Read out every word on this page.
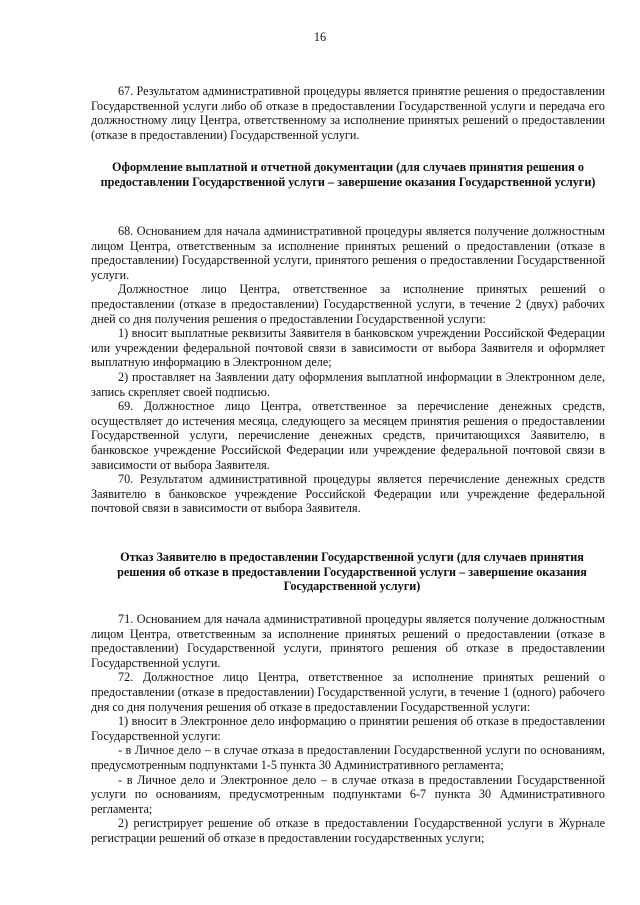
16

67. Результатом административной процедуры является принятие решения о предоставлении Государственной услуги либо об отказе в предоставлении Государственной услуги и передача его должностному лицу Центра, ответственному за исполнение принятых решений о предоставлении (отказе в предоставлении) Государственной услуги.

Оформление выплатной и отчетной документации (для случаев принятия решения о предоставлении Государственной услуги – завершение оказания Государственной услуги)

68. Основанием для начала административной процедуры является получение должностным лицом Центра, ответственным за исполнение принятых решений о предоставлении (отказе в предоставлении) Государственной услуги, принятого решения о предоставлении Государственной услуги.

Должностное лицо Центра, ответственное за исполнение принятых решений о предоставлении (отказе в предоставлении) Государственной услуги, в течение 2 (двух) рабочих дней со дня получения решения о предоставлении Государственной услуги:

1) вносит выплатные реквизиты Заявителя в банковском учреждении Российской Федерации или учреждении федеральной почтовой связи в зависимости от выбора Заявителя и оформляет выплатную информацию в Электронном деле;

2) проставляет на Заявлении дату оформления выплатной информации в Электронном деле, запись скрепляет своей подписью.

69. Должностное лицо Центра, ответственное за перечисление денежных средств, осуществляет до истечения месяца, следующего за месяцем принятия решения о предоставлении Государственной услуги, перечисление денежных средств, причитающихся Заявителю, в банковское учреждение Российской Федерации или учреждение федеральной почтовой связи в зависимости от выбора Заявителя.

70. Результатом административной процедуры является перечисление денежных средств Заявителю в банковское учреждение Российской Федерации или учреждение федеральной почтовой связи в зависимости от выбора Заявителя.

Отказ Заявителю в предоставлении Государственной услуги (для случаев принятия решения об отказе в предоставлении Государственной услуги – завершение оказания Государственной услуги)

71. Основанием для начала административной процедуры является получение должностным лицом Центра, ответственным за исполнение принятых решений о предоставлении (отказе в предоставлении) Государственной услуги, принятого решения об отказе в предоставлении Государственной услуги.

72. Должностное лицо Центра, ответственное за исполнение принятых решений о предоставлении (отказе в предоставлении) Государственной услуги, в течение 1 (одного) рабочего дня со дня получения решения об отказе в предоставлении Государственной услуги:

1) вносит в Электронное дело информацию о принятии решения об отказе в предоставлении Государственной услуги:

- в Личное дело – в случае отказа в предоставлении Государственной услуги по основаниям, предусмотренным подпунктами 1-5 пункта 30 Административного регламента;

- в Личное дело и Электронное дело – в случае отказа в предоставлении Государственной услуги по основаниям, предусмотренным подпунктами 6-7 пункта 30 Административного регламента;

2) регистрирует решение об отказе в предоставлении Государственной услуги в Журнале регистрации решений об отказе в предоставлении государственных услуги;
